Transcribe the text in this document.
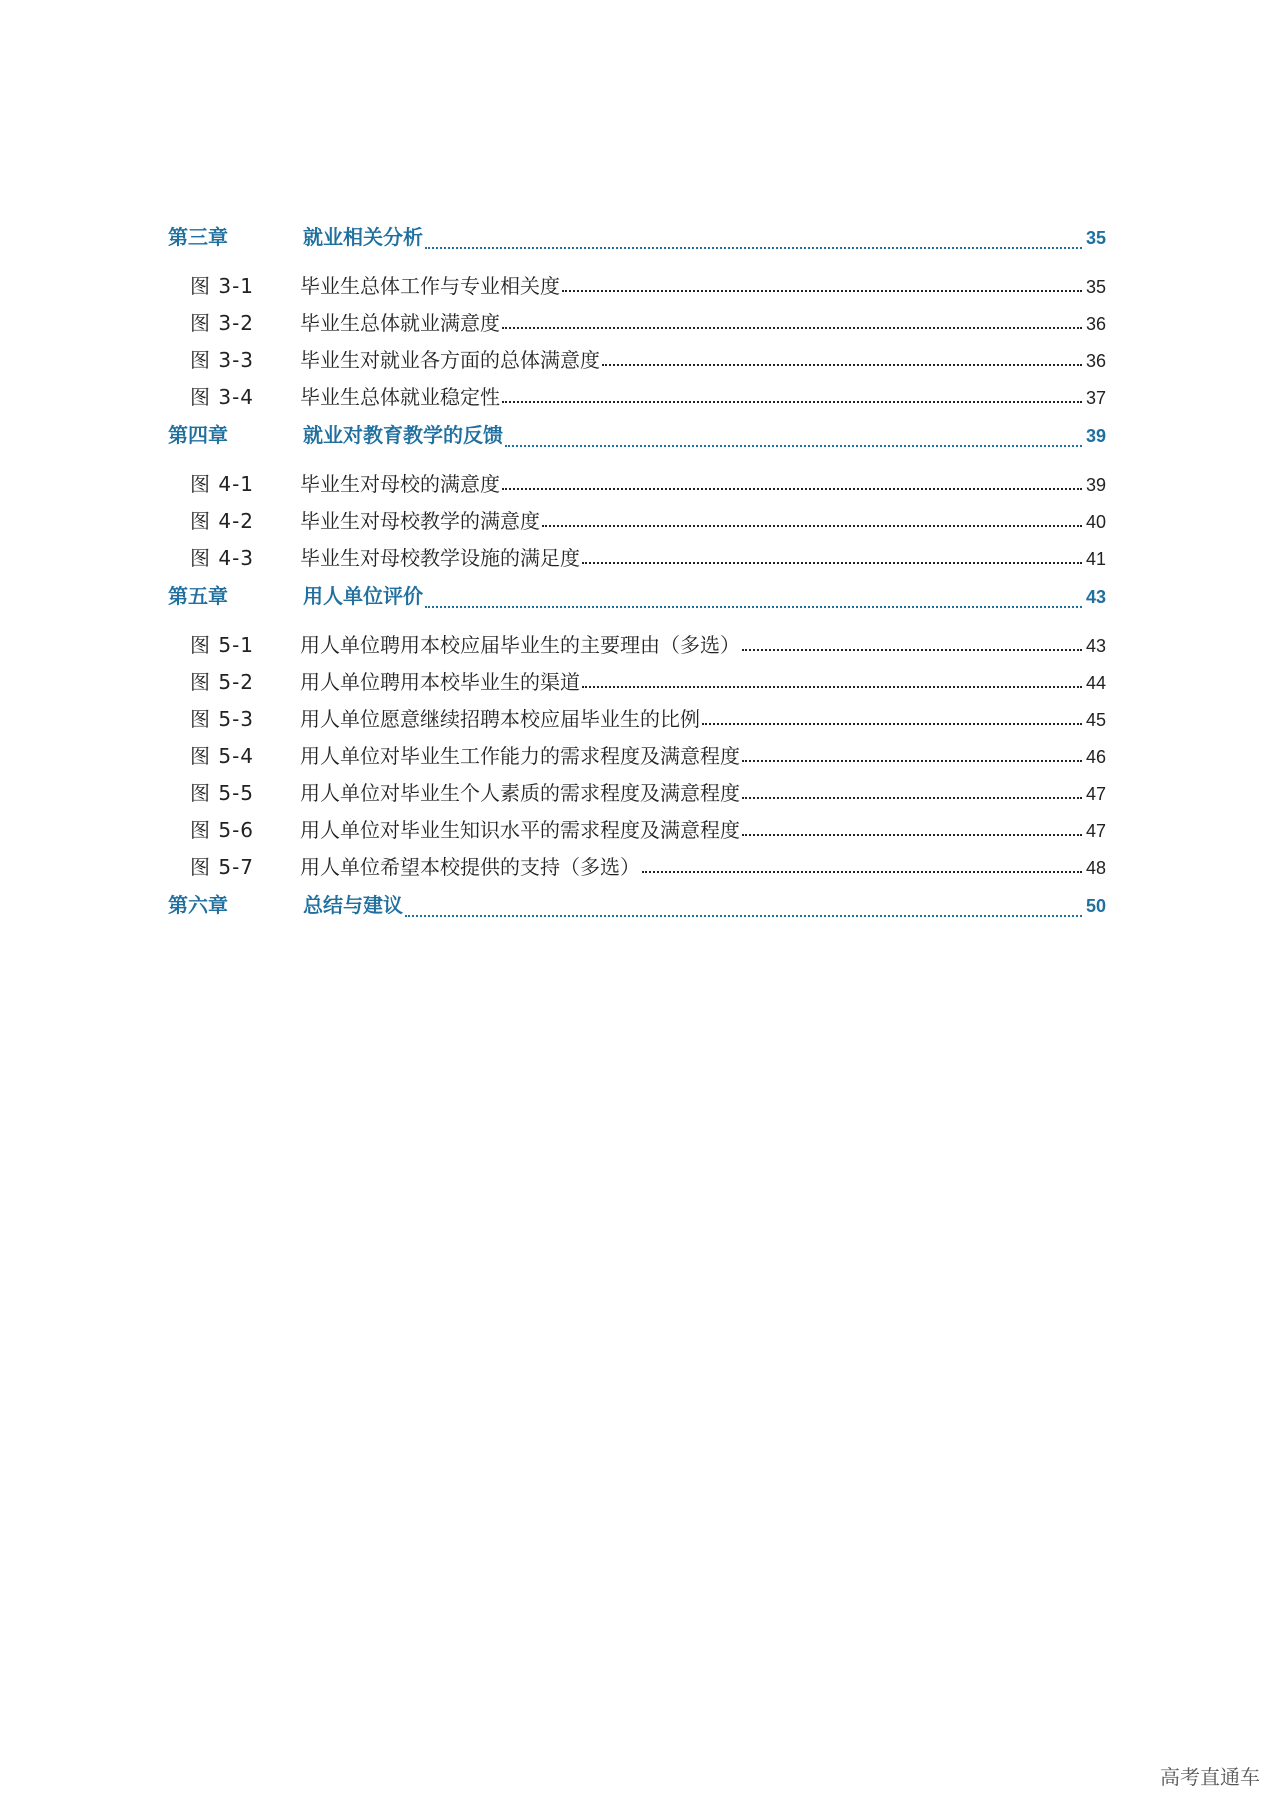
第三章	就业相关分析	35
图 3-1	毕业生总体工作与专业相关度	35
图 3-2	毕业生总体就业满意度	36
图 3-3	毕业生对就业各方面的总体满意度	36
图 3-4	毕业生总体就业稳定性	37
第四章	就业对教育教学的反馈	39
图 4-1	毕业生对母校的满意度	39
图 4-2	毕业生对母校教学的满意度	40
图 4-3	毕业生对母校教学设施的满足度	41
第五章	用人单位评价	43
图 5-1	用人单位聘用本校应届毕业生的主要理由（多选）	43
图 5-2	用人单位聘用本校毕业生的渠道	44
图 5-3	用人单位愿意继续招聘本校应届毕业生的比例	45
图 5-4	用人单位对毕业生工作能力的需求程度及满意程度	46
图 5-5	用人单位对毕业生个人素质的需求程度及满意程度	47
图 5-6	用人单位对毕业生知识水平的需求程度及满意程度	47
图 5-7	用人单位希望本校提供的支持（多选）	48
第六章	总结与建议	50
高考直通车
